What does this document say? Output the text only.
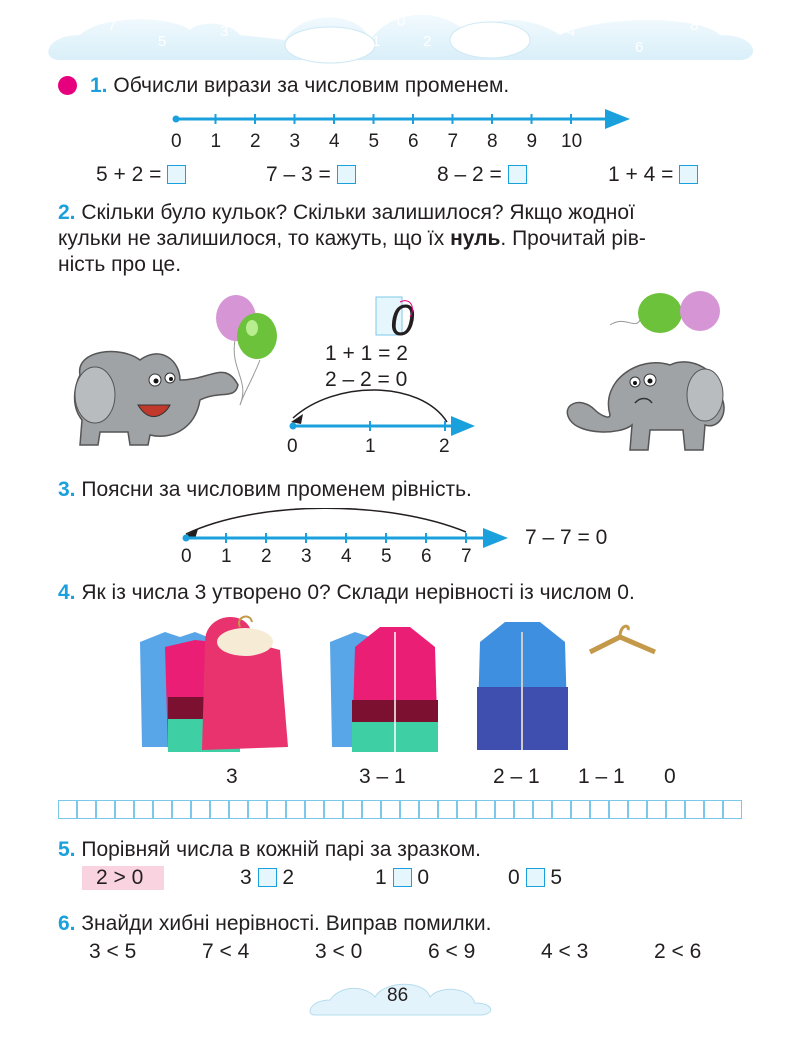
7
5
3
1
0
2
4
6
8
1. Обчисли вирази за числовим променем.
0 1 2 3 4 5 6 7 8 9 10
5 + 2 =	7 – 3 =	8 – 2 =	1 + 4 =
2. Скільки було кульок? Скільки залишилося? Якщо жодної
кульки не залишилося, то кажуть, що їх нуль. Прочитай рів-
ність про це.
0
1 + 1 = 2
2 – 2 = 0
0	1	2
3. Поясни за числовим променем рівність.
0 1 2 3 4 5 6 7
7 – 7 = 0
4. Як із числа 3 утворено 0? Склади нерівності із числом 0.
3	3 – 1	2 – 1 1 – 1 0
5. Порівняй числа в кожній парі за зразком.
2 > 0	3 2	1 0	0 5
6. Знайди хибні нерівності. Виправ помилки.
3 < 5	7 < 4	3 < 0	6 < 9	4 < 3	2 < 6
86
